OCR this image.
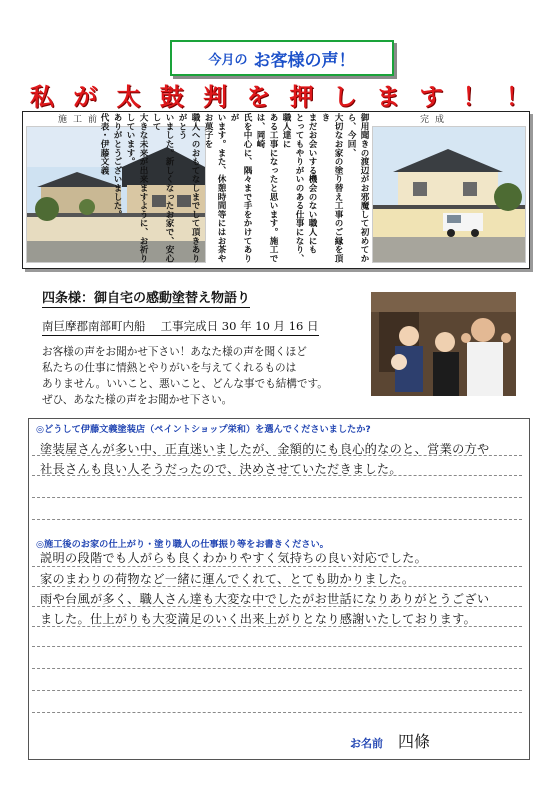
今月の お客様の声！
私 が 太 鼓 判 を 押 し ま す ！ ！
施工前	完成
御用聞きの渡辺がお邪魔して初めてから、今回、
大切なお家の塗り替え工事のご縁を頂き
まだお会いする機会のない職人にも
とってもやりがいのある仕事になり、職人達に
ある工事になったと思います。施工では、岡崎
氏を中心に、隅々まで手をかけてありが
います。また、休憩時間等にはお茶やお菓子を
職人へのおもてなしまでして頂きありがとう
いました。新しくなったお家で、安心して
大きな未来が出来ますように、お祈りしています。
ありがとうございました。
代表・伊藤文義
四条様：御自宅の感動塗替え物語り
南巨摩郡南部町内船　 工事完成日 30 年 10 月 16 日
お客様の声をお聞かせ下さい！あなた様の声を聞くほど
私たちの仕事に情熱とやりがいを与えてくれるものは
ありません。いいこと、悪いこと、どんな事でも結構です。
ぜひ、あなた様の声をお聞かせ下さい。
◎どうして伊藤文義塗装店（ペイントショップ栄和）を選んでくださいましたか?
塗装屋さんが多い中、正直迷いましたが、金額的にも良心的なのと、営業の方や
社長さんも良い人そうだったので、決めさせていただきました。
◎施工後のお家の仕上がり・塗り職人の仕事振り等をお書きください。
説明の段階でも人がらも良くわかりやすく気持ちの良い対応でした。
家のまわりの荷物など一緒に運んでくれて、とても助かりました。
雨や台風が多く、職人さん達も大変な中でしたがお世話になりありがとうござい
ました。仕上がりも大変満足のいく出来上がりとなり感謝いたしております。
お名前 四條
